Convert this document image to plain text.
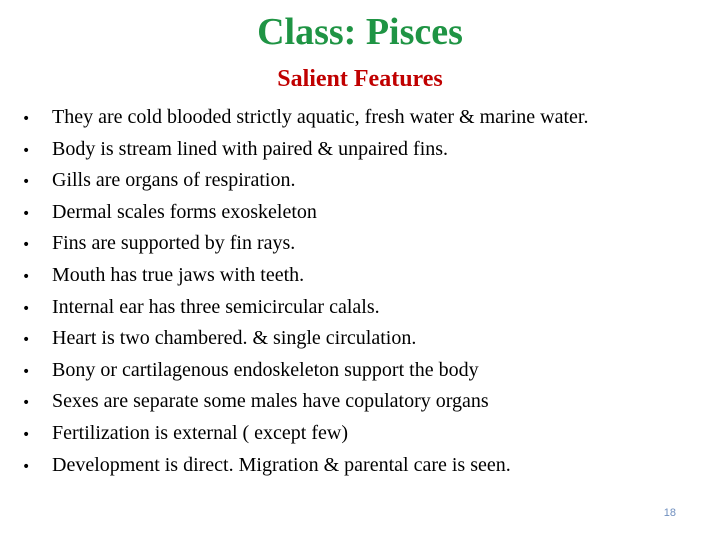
Class: Pisces
Salient Features
•	They are cold blooded strictly aquatic, fresh water & marine water.
•	Body is stream lined with paired & unpaired fins.
•	Gills are organs of respiration.
•	Dermal scales forms exoskeleton
•	Fins are supported by fin rays.
•	Mouth has true jaws with teeth.
•	Internal ear has three semicircular calals.
•	Heart is two chambered. & single circulation.
•	Bony or cartilagenous endoskeleton support the body
•	Sexes are separate some males have copulatory organs
•	Fertilization is external ( except few)
•	Development is direct. Migration & parental care is seen.
18
